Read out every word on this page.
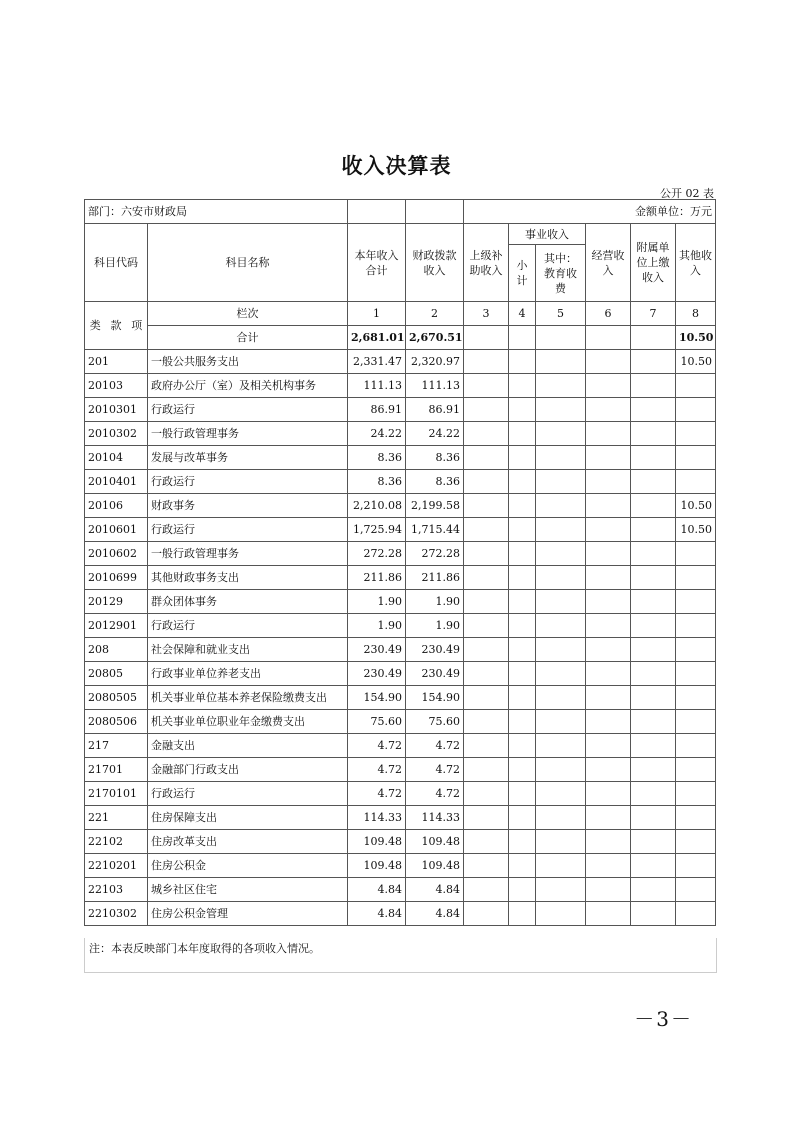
收入决算表
公开 02 表
部门：六安市财政局						金额单位：万元					
科目代码			科目名称	本年收入合计	财政拨款收入	上级补助收入	事业收入		经营收入	附属单位上缴收入	其他收入
							小计	其中：教育收费			
类	款	项	栏次	1	2	3	4	5	6	7	8
			合计	2,681.01	2,670.51						10.50
201			一般公共服务支出	2,331.47	2,320.97						10.50
20103			政府办公厅（室）及相关机构事务	111.13	111.13						
2010301			行政运行	86.91	86.91						
2010302			一般行政管理事务	24.22	24.22						
20104			发展与改革事务	8.36	8.36						
2010401			行政运行	8.36	8.36						
20106			财政事务	2,210.08	2,199.58						10.50
2010601			行政运行	1,725.94	1,715.44						10.50
2010602			一般行政管理事务	272.28	272.28						
2010699			其他财政事务支出	211.86	211.86						
20129			群众团体事务	1.90	1.90						
2012901			行政运行	1.90	1.90						
208			社会保障和就业支出	230.49	230.49						
20805			行政事业单位养老支出	230.49	230.49						
2080505			机关事业单位基本养老保险缴费支出	154.90	154.90						
2080506			机关事业单位职业年金缴费支出	75.60	75.60						
217			金融支出	4.72	4.72						
21701			金融部门行政支出	4.72	4.72						
2170101			行政运行	4.72	4.72						
221			住房保障支出	114.33	114.33						
22102			住房改革支出	109.48	109.48						
2210201			住房公积金	109.48	109.48						
22103			城乡社区住宅	4.84	4.84						
2210302			住房公积金管理	4.84	4.84						
注：本表反映部门本年度取得的各项收入情况。
－3－
